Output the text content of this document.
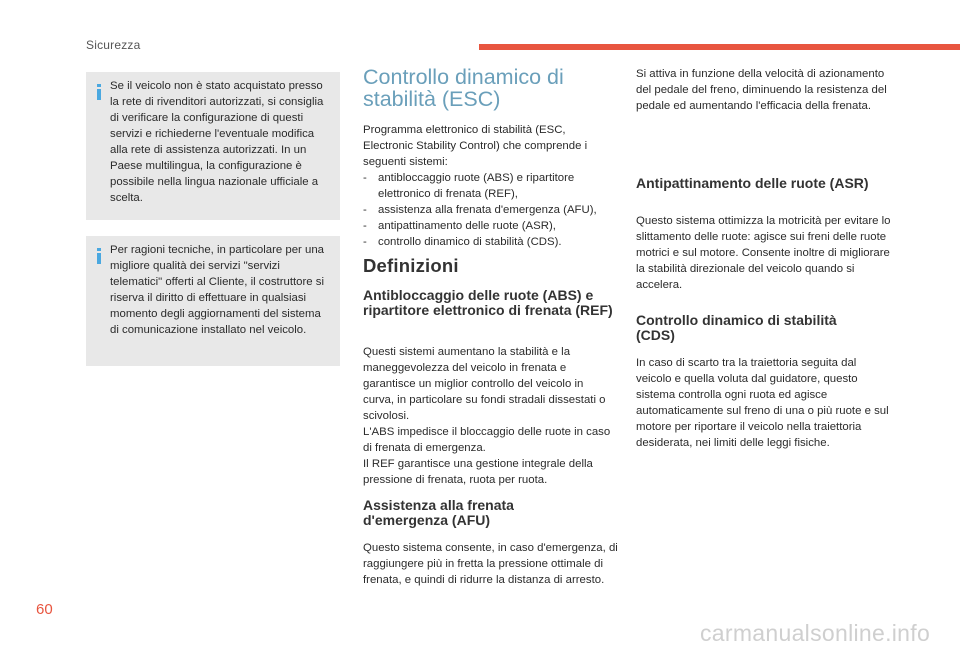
Sicurezza
Se il veicolo non è stato acquistato presso la rete di rivenditori autorizzati, si consiglia di verificare la configurazione di questi servizi e richiederne l'eventuale modifica alla rete di assistenza autorizzati. In un Paese multilingua, la configurazione è possibile nella lingua nazionale ufficiale a scelta.
Per ragioni tecniche, in particolare per una migliore qualità dei servizi "servizi telematici" offerti al Cliente, il costruttore si riserva il diritto di effettuare in qualsiasi momento degli aggiornamenti del sistema di comunicazione installato nel veicolo.
Controllo dinamico di stabilità (ESC)
Programma elettronico di stabilità (ESC, Electronic Stability Control) che comprende i seguenti sistemi:
- antibloccaggio ruote (ABS) e ripartitore elettronico di frenata (REF),
- assistenza alla frenata d'emergenza (AFU),
- antipattinamento delle ruote (ASR),
- controllo dinamico di stabilità (CDS).
Definizioni
Antibloccaggio delle ruote (ABS) e ripartitore elettronico di frenata (REF)
Questi sistemi aumentano la stabilità e la maneggevolezza del veicolo in frenata e garantisce un miglior controllo del veicolo in curva, in particolare su fondi stradali dissestati o scivolosi.
L'ABS impedisce il bloccaggio delle ruote in caso di frenata di emergenza.
Il REF garantisce una gestione integrale della pressione di frenata, ruota per ruota.
Assistenza alla frenata d'emergenza (AFU)
Questo sistema consente, in caso d'emergenza, di raggiungere più in fretta la pressione ottimale di frenata, e quindi di ridurre la distanza di arresto.
Si attiva in funzione della velocità di azionamento del pedale del freno, diminuendo la resistenza del pedale ed aumentando l'efficacia della frenata.
Antipattinamento delle ruote (ASR)
Questo sistema ottimizza la motricità per evitare lo slittamento delle ruote: agisce sui freni delle ruote motrici e sul motore. Consente inoltre di migliorare la stabilità direzionale del veicolo quando si accelera.
Controllo dinamico di stabilità (CDS)
In caso di scarto tra la traiettoria seguita dal veicolo e quella voluta dal guidatore, questo sistema controlla ogni ruota ed agisce automaticamente sul freno di una o più ruote e sul motore per riportare il veicolo nella traiettoria desiderata, nei limiti delle leggi fisiche.
60
carmanualsonline.info
